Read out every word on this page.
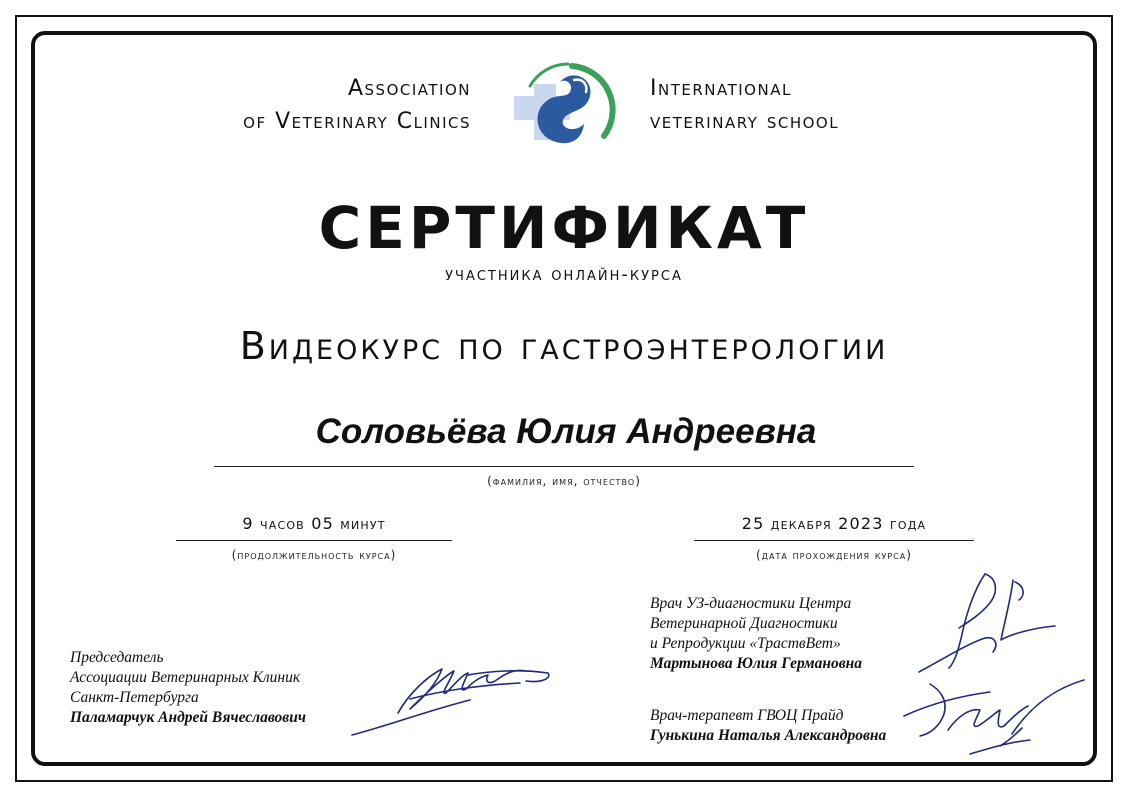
Association
of Veterinary Clinics
International
veterinary school
СЕРТИФИКАТ
участника онлайн-курса
Видеокурс по гастроэнтерологии
Соловьёва Юлия Андреевна
(фамилия, имя, отчество)
9 часов 05 минут
(продолжительность курса)
25 декабря 2023 года
(дата прохождения курса)
Председатель
Ассоциации Ветеринарных Клиник
Санкт-Петербурга
Паламарчук Андрей Вячеславович
Врач УЗ-диагностики Центра
Ветеринарной Диагностики
и Репродукции «ТраствВет»
Мартынова Юлия Германовна
Врач-терапевт ГВОЦ Прайд
Гунькина Наталья Александровна
